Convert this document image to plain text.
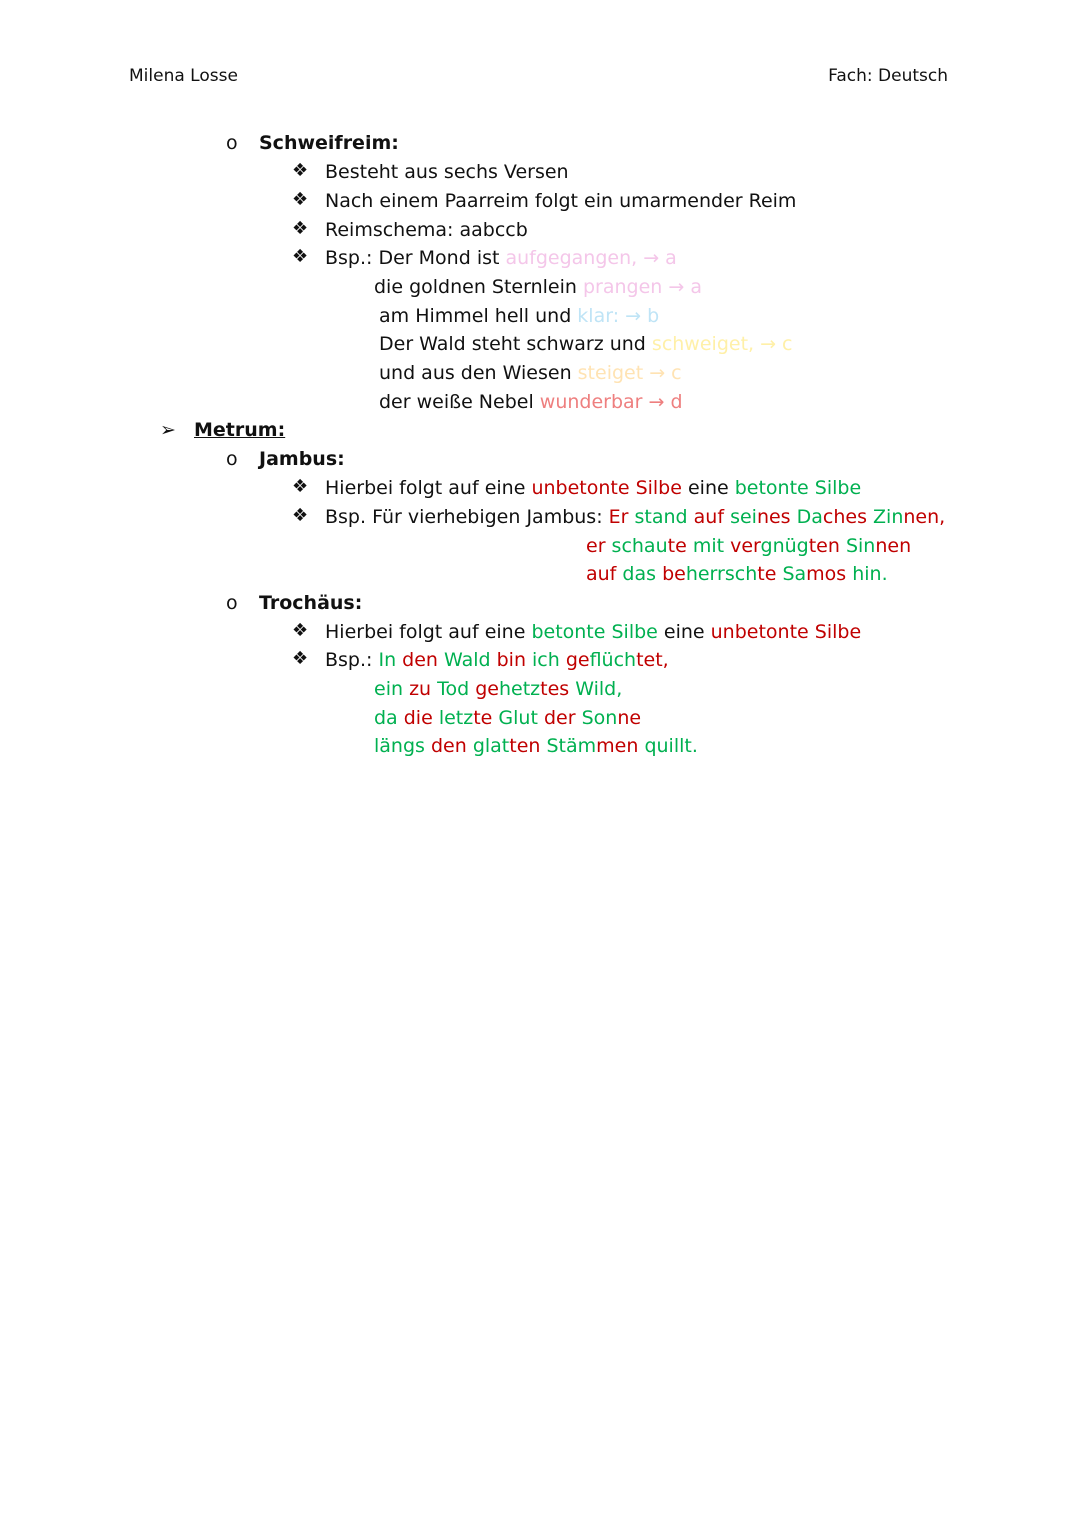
Milena Losse	Fach: Deutsch
o Schweifreim:
❖ Besteht aus sechs Versen
❖ Nach einem Paarreim folgt ein umarmender Reim
❖ Reimschema: aabccb
❖ Bsp.: Der Mond ist aufgegangen, → a
die goldnen Sternlein prangen → a
am Himmel hell und klar: → b
Der Wald steht schwarz und schweiget, → c
und aus den Wiesen steiget → c
der weiße Nebel wunderbar → d
➢ Metrum:
o Jambus:
❖ Hierbei folgt auf eine unbetonte Silbe eine betonte Silbe
❖ Bsp. Für vierhebigen Jambus: Er stand auf seines Daches Zinnen,
er schaute mit vergnügten Sinnen
auf das beherrschte Samos hin.
o Trochäus:
❖ Hierbei folgt auf eine betonte Silbe eine unbetonte Silbe
❖ Bsp.: In den Wald bin ich geflüchtet,
ein zu Tod gehetztes Wild,
da die letzte Glut der Sonne
längs den glatten Stämmen quillt.
